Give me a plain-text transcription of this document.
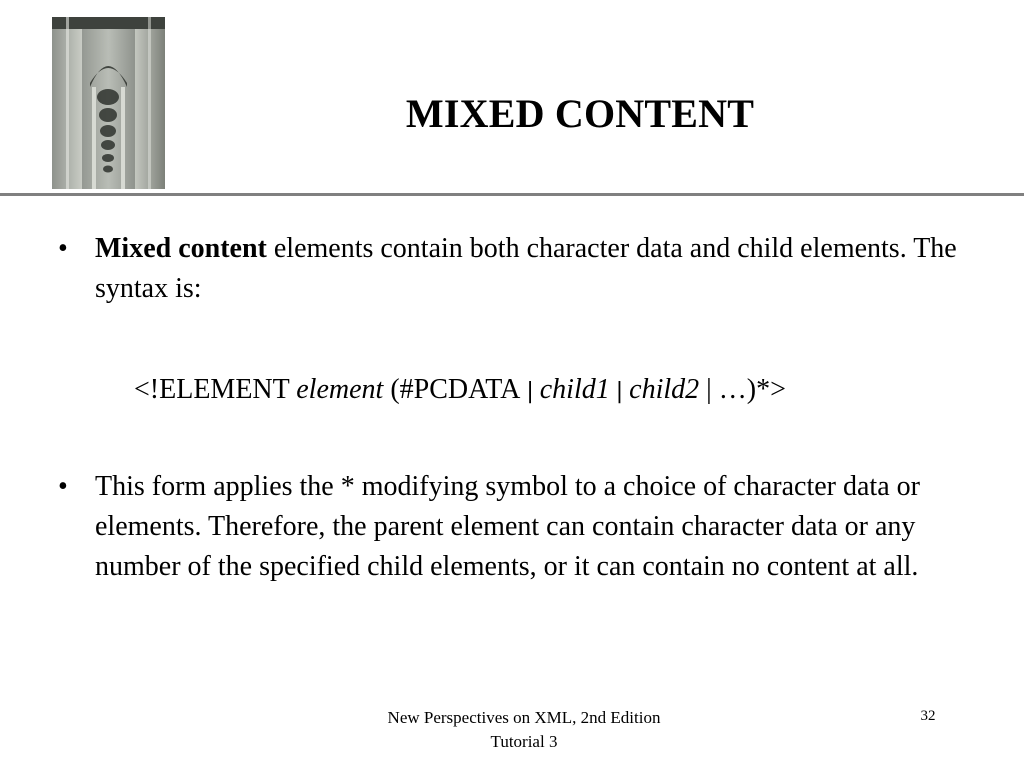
MIXED CONTENT
• Mixed content elements contain both character data and child elements. The syntax is:
<!ELEMENT element (#PCDATA | child1 | child2 | …)*>
• This form applies the * modifying symbol to a choice of character data or elements. Therefore, the parent element can contain character data or any number of the specified child elements, or it can contain no content at all.
New Perspectives on XML, 2nd Edition
Tutorial 3
32
